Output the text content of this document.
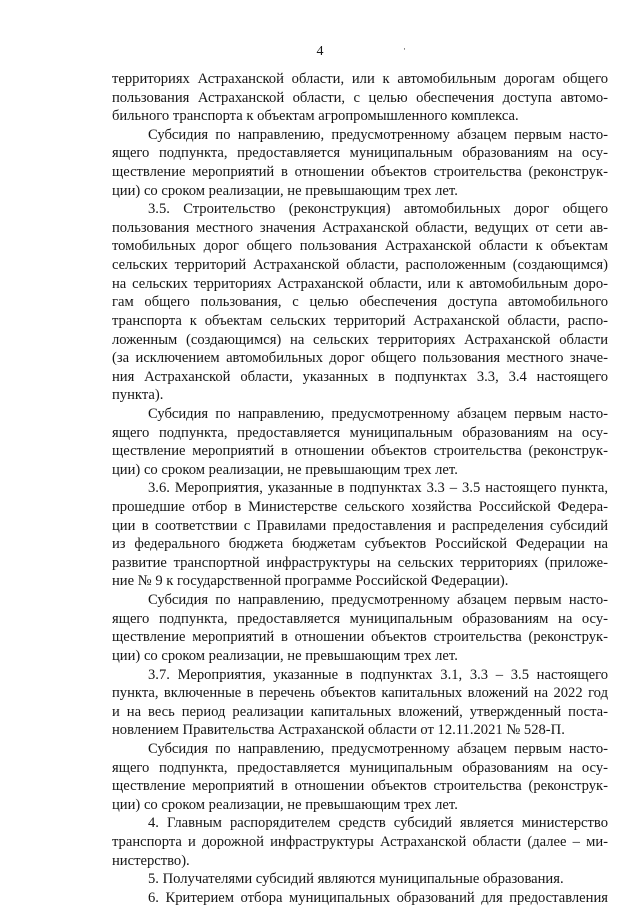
4	·
территориях Астраханской области, или к автомобильным дорогам общего
пользования Астраханской области, с целью обеспечения доступа автомо-
бильного транспорта к объектам агропромышленного комплекса.
Субсидия по направлению, предусмотренному абзацем первым насто-
ящего подпункта, предоставляется муниципальным образованиям на осу-
ществление мероприятий в отношении объектов строительства (реконструк-
ции) со сроком реализации, не превышающим трех лет.
3.5. Строительство (реконструкция) автомобильных дорог общего
пользования местного значения Астраханской области, ведущих от сети ав-
томобильных дорог общего пользования Астраханской области к объектам
сельских территорий Астраханской области, расположенным (создающимся)
на сельских территориях Астраханской области, или к автомобильным доро-
гам общего пользования, с целью обеспечения доступа автомобильного
транспорта к объектам сельских территорий Астраханской области, распо-
ложенным (создающимся) на сельских территориях Астраханской области
(за исключением автомобильных дорог общего пользования местного значе-
ния Астраханской области, указанных в подпунктах 3.3, 3.4 настоящего
пункта).
Субсидия по направлению, предусмотренному абзацем первым насто-
ящего подпункта, предоставляется муниципальным образованиям на осу-
ществление мероприятий в отношении объектов строительства (реконструк-
ции) со сроком реализации, не превышающим трех лет.
3.6. Мероприятия, указанные в подпунктах 3.3 – 3.5 настоящего пункта,
прошедшие отбор в Министерстве сельского хозяйства Российской Федера-
ции в соответствии с Правилами предоставления и распределения субсидий
из федерального бюджета бюджетам субъектов Российской Федерации на
развитие транспортной инфраструктуры на сельских территориях (приложе-
ние № 9 к государственной программе Российской Федерации).
Субсидия по направлению, предусмотренному абзацем первым насто-
ящего подпункта, предоставляется муниципальным образованиям на осу-
ществление мероприятий в отношении объектов строительства (реконструк-
ции) со сроком реализации, не превышающим трех лет.
3.7. Мероприятия, указанные в подпунктах 3.1, 3.3 – 3.5 настоящего
пункта, включенные в перечень объектов капитальных вложений на 2022 год
и на весь период реализации капитальных вложений, утвержденный поста-
новлением Правительства Астраханской области от 12.11.2021 № 528-П.
Субсидия по направлению, предусмотренному абзацем первым насто-
ящего подпункта, предоставляется муниципальным образованиям на осу-
ществление мероприятий в отношении объектов строительства (реконструк-
ции) со сроком реализации, не превышающим трех лет.
4. Главным распорядителем средств субсидий является министерство
транспорта и дорожной инфраструктуры Астраханской области (далее – ми-
нистерство).
5. Получателями субсидий являются муниципальные образования.
6. Критерием отбора муниципальных образований для предоставления
